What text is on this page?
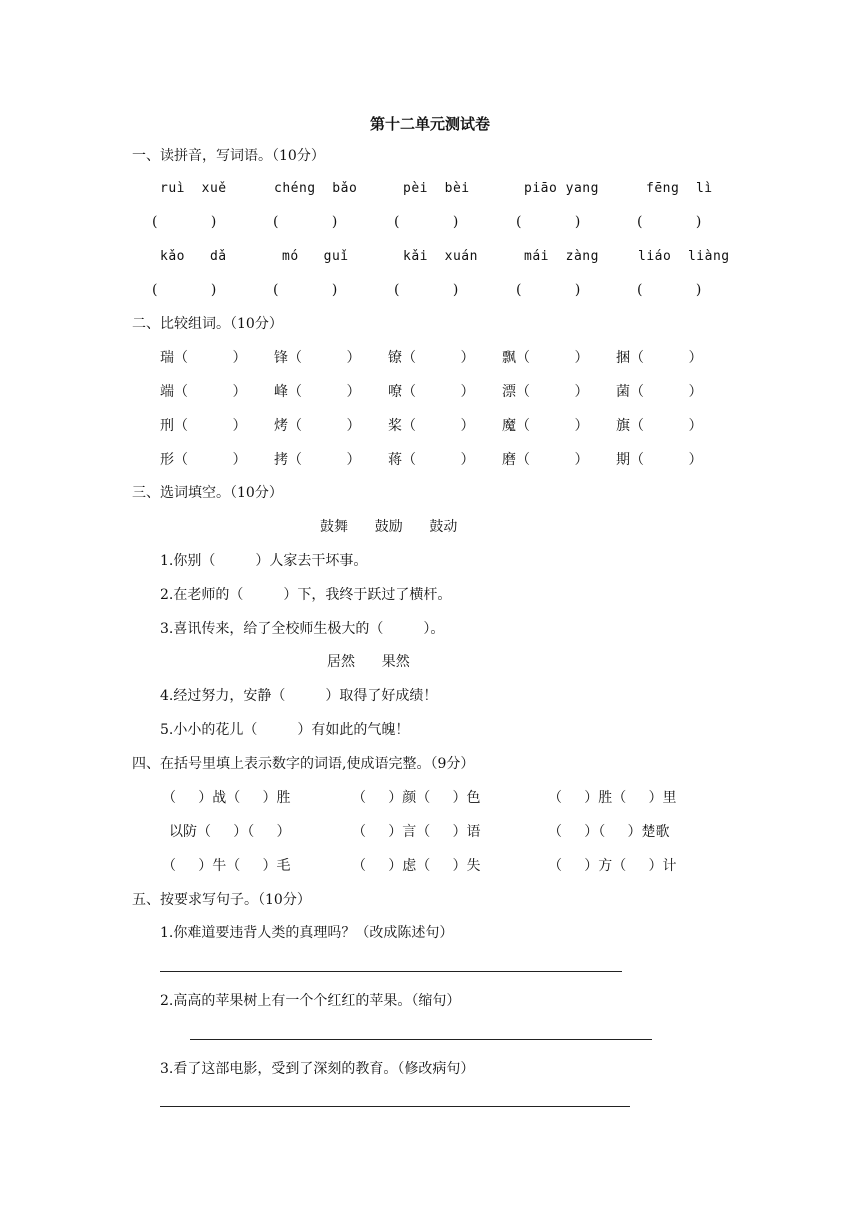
第十二单元测试卷
一、读拼音，写词语。（10分）
ruì  xuě	chéng  bǎo	pèi  bèi	piāo yang	fēng  lì
(            )	(            )	(            )	(            )	(            )
kǎo   dǎ	mó   guǐ	kǎi  xuán	mái  zàng	liáo  liàng
(            )	(            )	(            )	(            )	(            )
二、比较组词。（10分）
瑞（          ） 锋（          ） 镣（          ） 飘（          ） 捆（          ）
端（          ） 峰（          ） 嘹（          ） 漂（          ） 菌（          ）
刑（          ） 烤（          ） 桨（          ） 魔（          ） 旗（          ）
形（          ） 拷（          ） 蒋（          ） 磨（          ） 期（          ）
三、选词填空。（10分）
鼓舞      鼓励      鼓动
1.你别（         ）人家去干坏事。
2.在老师的（         ）下，我终于跃过了横杆。
3.喜讯传来，给了全校师生极大的（         ）。
居然      果然
4.经过努力，安静（         ）取得了好成绩！
5.小小的花儿（         ）有如此的气魄！
四、在括号里填上表示数字的词语,使成语完整。（9分）
（     ）战（     ）胜	（     ）颜（     ）色	（     ）胜（     ）里
以防（     ）（     ）	（     ）言（     ）语	（     ）（     ）楚歌
（     ）牛（     ）毛	（     ）虑（     ）失	（     ）方（     ）计
五、按要求写句子。（10分）
1.你难道要违背人类的真理吗？（改成陈述句）
2.高高的苹果树上有一个个红红的苹果。（缩句）
3.看了这部电影，受到了深刻的教育。（修改病句）
